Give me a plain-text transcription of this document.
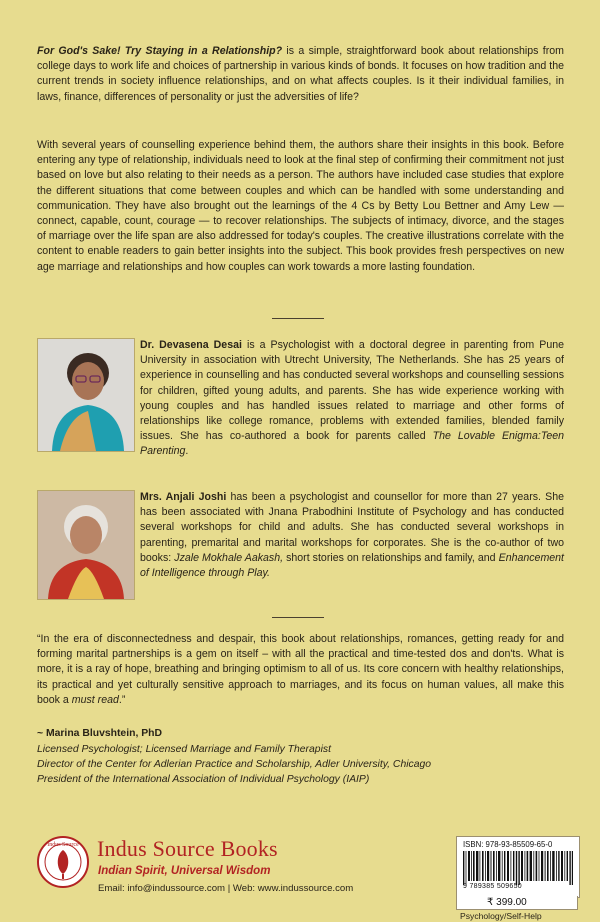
For God's Sake! Try Staying in a Relationship? is a simple, straightforward book about relationships from college days to work life and choices of partnership in various kinds of bonds. It focuses on how tradition and the current trends in society influence relationships, and on what affects couples. Is it their individual families, in laws, finance, differences of personality or just the adversities of life?

With several years of counselling experience behind them, the authors share their insights in this book. Before entering any type of relationship, individuals need to look at the final step of confirming their commitment not just based on love but also relating to their needs as a person. The authors have included case studies that explore the different situations that come between couples and which can be handled with some understanding and communication. They have also brought out the learnings of the 4 Cs by Betty Lou Bettner and Amy Lew — connect, capable, count, courage — to recover relationships. The subjects of intimacy, divorce, and the stages of marriage over the life span are also addressed for today's couples. The creative illustrations correlate with the content to enable readers to gain better insights into the subject. This book provides fresh perspectives on new age marriage and relationships and how couples can work towards a more lasting foundation.

Dr. Devasena Desai is a Psychologist with a doctoral degree in parenting from Pune University in association with Utrecht University, The Netherlands. She has 25 years of experience in counselling and has conducted several workshops and counselling sessions for children, gifted young adults, and parents. She has wide experience working with young couples and has handled issues related to marriage and other forms of relationships like college romance, problems with extended families, blended family issues. She has co-authored a book for parents called The Lovable Enigma:Teen Parenting.

Mrs. Anjali Joshi has been a psychologist and counsellor for more than 27 years. She has been associated with Jnana Prabodhini Institute of Psychology and has conducted several workshops for child and adults. She has conducted several workshops in parenting, premarital and marital workshops for corporates. She is the co-author of two books: Jzale Mokhale Aakash, short stories on relationships and family, and Enhancement of Intelligence through Play.

“In the era of disconnectedness and despair, this book about relationships, romances, getting ready for and forming marital partnerships is a gem on itself – with all the practical and time-tested dos and don'ts. What is more, it is a ray of hope, breathing and bringing optimism to all of us. Its core concern with healthy relationships, its practical and yet culturally sensitive approach to marriages, and its focus on human values, all make this book a must read.”

~ Marina Bluvshtein, PhD
Licensed Psychologist; Licensed Marriage and Family Therapist
Director of the Center for Adlerian Practice and Scholarship, Adler University, Chicago
President of the International Association of Individual Psychology (IAIP)
Indus Source Indus Source Books
Indian Spirit, Universal Wisdom
Email: info@indussource.com | Web: www.indussource.com
ISBN: 978-93-85509-65-0
9 789385 509650
₹ 399.00
Psychology/Self-Help
